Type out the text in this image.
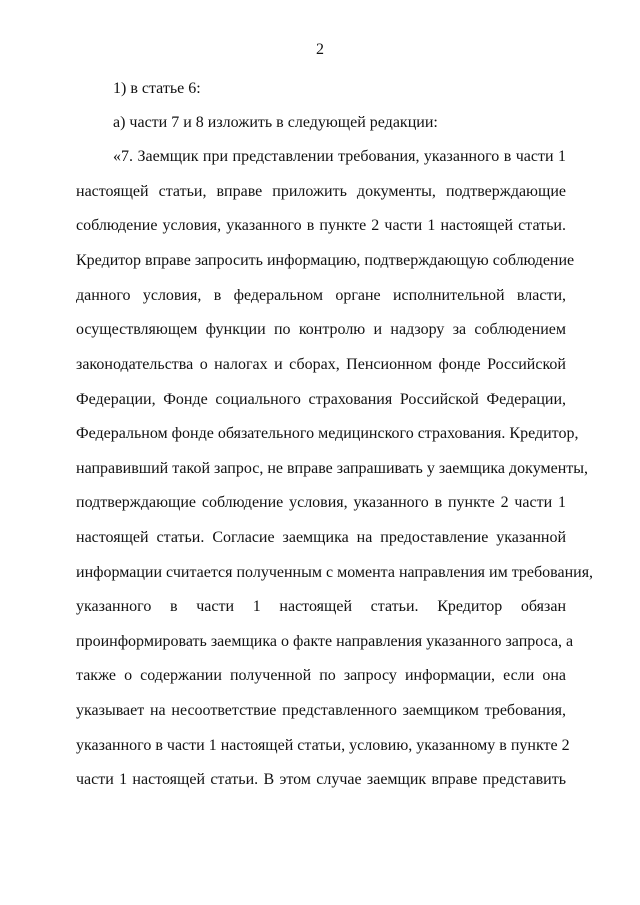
2
1) в статье 6:
а) части 7 и 8 изложить в следующей редакции:
«7. Заемщик при представлении требования, указанного в части 1
настоящей статьи, вправе приложить документы, подтверждающие
соблюдение условия, указанного в пункте 2 части 1 настоящей статьи.
Кредитор вправе запросить информацию, подтверждающую соблюдение
данного условия, в федеральном органе исполнительной власти,
осуществляющем функции по контролю и надзору за соблюдением
законодательства о налогах и сборах, Пенсионном фонде Российской
Федерации, Фонде социального страхования Российской Федерации,
Федеральном фонде обязательного медицинского страхования. Кредитор,
направивший такой запрос, не вправе запрашивать у заемщика документы,
подтверждающие соблюдение условия, указанного в пункте 2 части 1
настоящей статьи. Согласие заемщика на предоставление указанной
информации считается полученным с момента направления им требования,
указанного в части 1 настоящей статьи. Кредитор обязан
проинформировать заемщика о факте направления указанного запроса, а
также о содержании полученной по запросу информации, если она
указывает на несоответствие представленного заемщиком требования,
указанного в части 1 настоящей статьи, условию, указанному в пункте 2
части 1 настоящей статьи. В этом случае заемщик вправе представить
